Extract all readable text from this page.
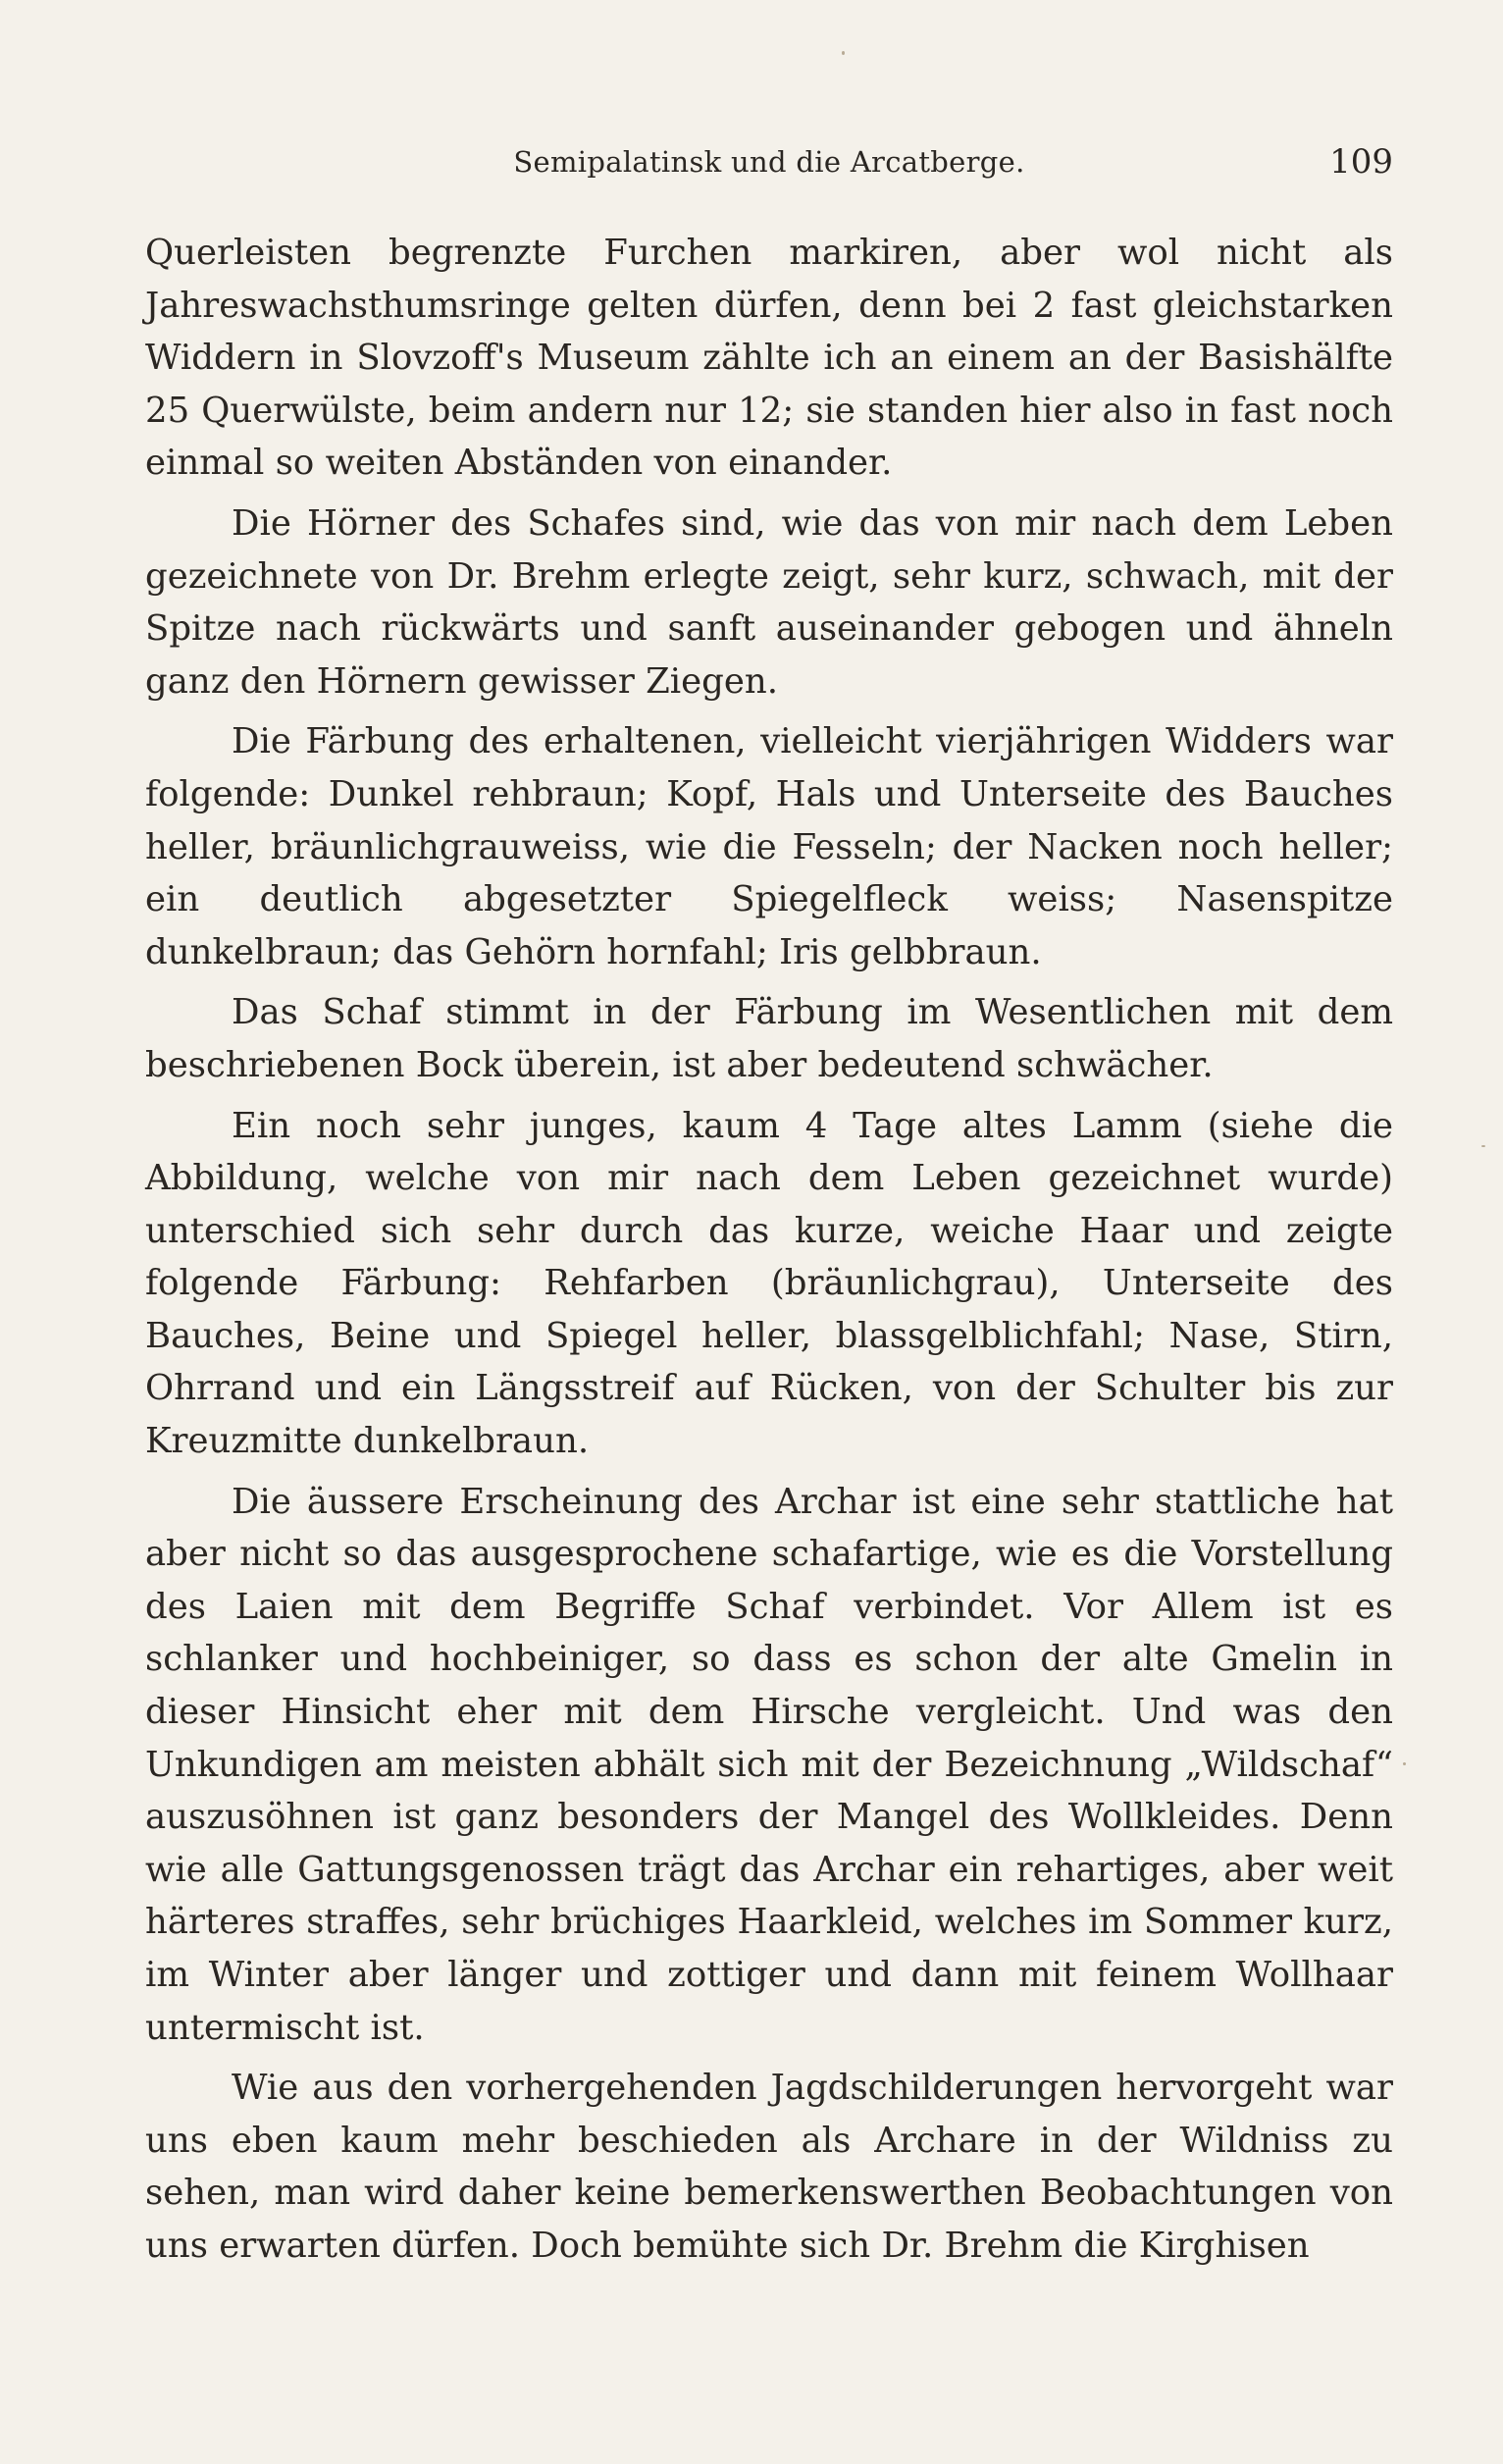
Semipalatinsk und die Arcatberge.	109

Querleisten begrenzte Furchen markiren, aber wol nicht als Jahreswachsthumsringe gelten dürfen, denn bei 2 fast gleichstarken Widdern in Slovzoff's Museum zählte ich an einem an der Basishälfte 25 Querwülste, beim andern nur 12; sie standen hier also in fast noch einmal so weiten Abständen von einander.

Die Hörner des Schafes sind, wie das von mir nach dem Leben gezeichnete von Dr. Brehm erlegte zeigt, sehr kurz, schwach, mit der Spitze nach rückwärts und sanft auseinander gebogen und ähneln ganz den Hörnern gewisser Ziegen.

Die Färbung des erhaltenen, vielleicht vierjährigen Widders war folgende: Dunkel rehbraun; Kopf, Hals und Unterseite des Bauches heller, bräunlichgrauweiss, wie die Fesseln; der Nacken noch heller; ein deutlich abgesetzter Spiegelfleck weiss; Nasenspitze dunkelbraun; das Gehörn hornfahl; Iris gelbbraun.

Das Schaf stimmt in der Färbung im Wesentlichen mit dem beschriebenen Bock überein, ist aber bedeutend schwächer.

Ein noch sehr junges, kaum 4 Tage altes Lamm (siehe die Abbildung, welche von mir nach dem Leben gezeichnet wurde) unterschied sich sehr durch das kurze, weiche Haar und zeigte folgende Färbung: Rehfarben (bräunlichgrau), Unterseite des Bauches, Beine und Spiegel heller, blassgelblichfahl; Nase, Stirn, Ohrrand und ein Längsstreif auf Rücken, von der Schulter bis zur Kreuzmitte dunkelbraun.

Die äussere Erscheinung des Archar ist eine sehr stattliche hat aber nicht so das ausgesprochene schafartige, wie es die Vorstellung des Laien mit dem Begriffe Schaf verbindet. Vor Allem ist es schlanker und hochbeiniger, so dass es schon der alte Gmelin in dieser Hinsicht eher mit dem Hirsche vergleicht. Und was den Unkundigen am meisten abhält sich mit der Bezeichnung „Wildschaf“ auszusöhnen ist ganz besonders der Mangel des Wollkleides. Denn wie alle Gattungsgenossen trägt das Archar ein rehartiges, aber weit härteres straffes, sehr brüchiges Haarkleid, welches im Sommer kurz, im Winter aber länger und zottiger und dann mit feinem Wollhaar untermischt ist.

Wie aus den vorhergehenden Jagdschilderungen hervorgeht war uns eben kaum mehr beschieden als Archare in der Wildniss zu sehen, man wird daher keine bemerkenswerthen Beobachtungen von uns erwarten dürfen. Doch bemühte sich Dr. Brehm die Kirghisen
